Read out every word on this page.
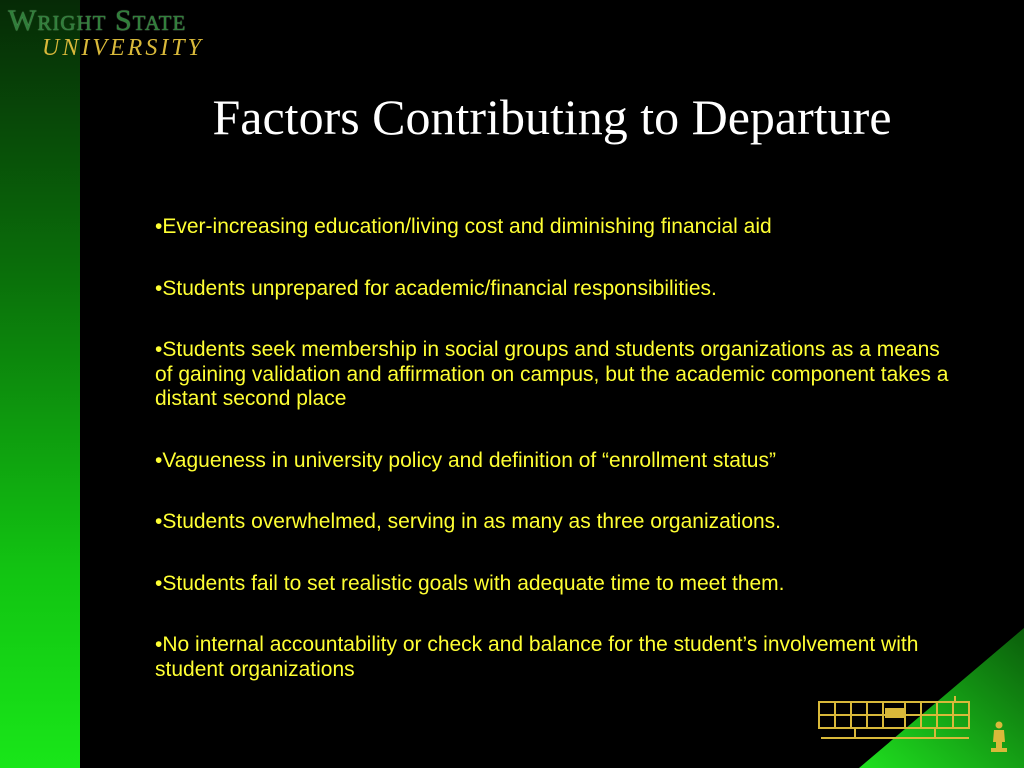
Wright State
UNIVERSITY
Factors Contributing to Departure
•Ever-increasing education/living cost and diminishing financial aid
•Students unprepared for academic/financial responsibilities.
•Students seek membership in social groups and students organizations as a means of gaining validation and affirmation on campus, but the academic component takes a distant second place
•Vagueness in university policy and definition of “enrollment status”
•Students overwhelmed, serving in as many as three organizations.
•Students fail to set realistic goals with adequate time to meet them.
•No internal accountability or check and balance for the student’s involvement with student organizations
